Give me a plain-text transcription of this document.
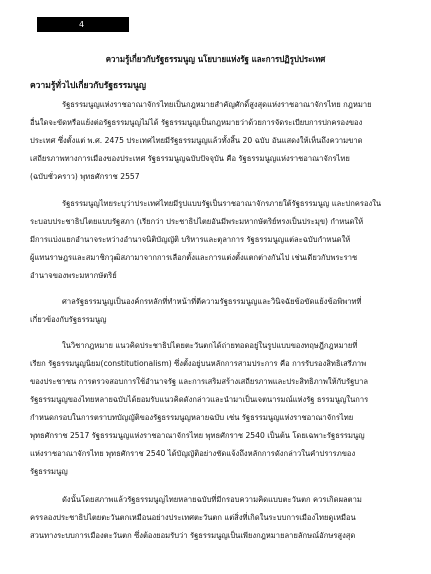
4
ความรู้เกี่ยวกับรัฐธรรมนูญ นโยบายแห่งรัฐ และการปฏิรูปประเทศ
ความรู้ทั่วไปเกี่ยวกับรัฐธรรมนูญ
รัฐธรรมนูญแห่งราชอาณาจักรไทยเป็นกฎหมายสำคัญศักดิ์สูงสุดแห่งราชอาณาจักรไทย กฎหมาย
อื่นใดจะขัดหรือแย้งต่อรัฐธรรมนูญไม่ได้ รัฐธรรมนูญเป็นกฎหมายว่าด้วยการจัดระเบียบการปกครองของ
ประเทศ ซึ่งตั้งแต่ พ.ศ. 2475 ประเทศไทยมีรัฐธรรมนูญแล้วทั้งสิ้น 20 ฉบับ อันแสดงให้เห็นถึงความขาด
เสถียรภาพทางการเมืองของประเทศ รัฐธรรมนูญฉบับปัจจุบัน คือ รัฐธรรมนูญแห่งราชอาณาจักรไทย
(ฉบับชั่วคราว) พุทธศักราช 2557
รัฐธรรมนูญไทยระบุว่าประเทศไทยมีรูปแบบรัฐเป็นราชอาณาจักรภายใต้รัฐธรรมนูญ และปกครองใน
ระบอบประชาธิปไตยแบบรัฐสภา (เรียกว่า ประชาธิปไตยอันมีพระมหากษัตริย์ทรงเป็นประมุข) กำหนดให้
มีการแบ่งแยกอำนาจระหว่างอำนาจนิติบัญญัติ บริหารและตุลาการ รัฐธรรมนูญแต่ละฉบับกำหนดให้
ผู้แทนราษฎรและสมาชิกวุฒิสภามาจากการเลือกตั้งและการแต่งตั้งแตกต่างกันไป เช่นเดียวกับพระราช
อำนาจของพระมหากษัตริย์
ศาลรัฐธรรมนูญเป็นองค์กรหลักที่ทำหน้าที่ตีความรัฐธรรมนูญและวินิจฉัยข้อขัดแย้งข้อพิพาทที่
เกี่ยวข้องกับรัฐธรรมนูญ
ในวิชากฎหมาย แนวคิดประชาธิปไตยตะวันตกได้ถ่ายทอดอยู่ในรูปแบบของทฤษฎีกฎหมายที่
เรียก รัฐธรรมนูญนิยม(constitutionalism) ซึ่งตั้งอยู่บนหลักการสามประการ คือ การรับรองสิทธิเสรีภาพ
ของประชาชน การตรวจสอบการใช้อำนาจรัฐ และการเสริมสร้างเสถียรภาพและประสิทธิภาพให้กับรัฐบาล
รัฐธรรมนูญของไทยหลายฉบับได้ยอมรับแนวคิดดังกล่าวและนำมาเป็นเจตนารมณ์แห่งรัฐ ธรรมนูญในการ
กำหนดกรอบในการตราบทบัญญัติของรัฐธรรมนูญหลายฉบับ เช่น รัฐธรรมนูญแห่งราชอาณาจักรไทย
พุทธศักราช 2517 รัฐธรรมนูญแห่งราชอาณาจักรไทย พุทธศักราช 2540 เป็นต้น โดยเฉพาะรัฐธรรมนูญ
แห่งราชอาณาจักรไทย พุทธศักราช 2540 ได้บัญญัติอย่างชัดแจ้งถึงหลักการดังกล่าวในคำปรารภของ
รัฐธรรมนูญ
ดังนั้นโดยสภาพแล้วรัฐธรรมนูญไทยหลายฉบับที่มีกรอบความคิดแบบตะวันตก ควรเกิดผลตาม
ครรลองประชาธิปไตยตะวันตกเหมือนอย่างประเทศตะวันตก แต่สิ่งที่เกิดในระบบการเมืองไทยดูเหมือน
สวนทางระบบการเมืองตะวันตก ซึ่งต้องยอมรับว่า รัฐธรรมนูญเป็นเพียงกฎหมายลายลักษณ์อักษรสูงสุด
